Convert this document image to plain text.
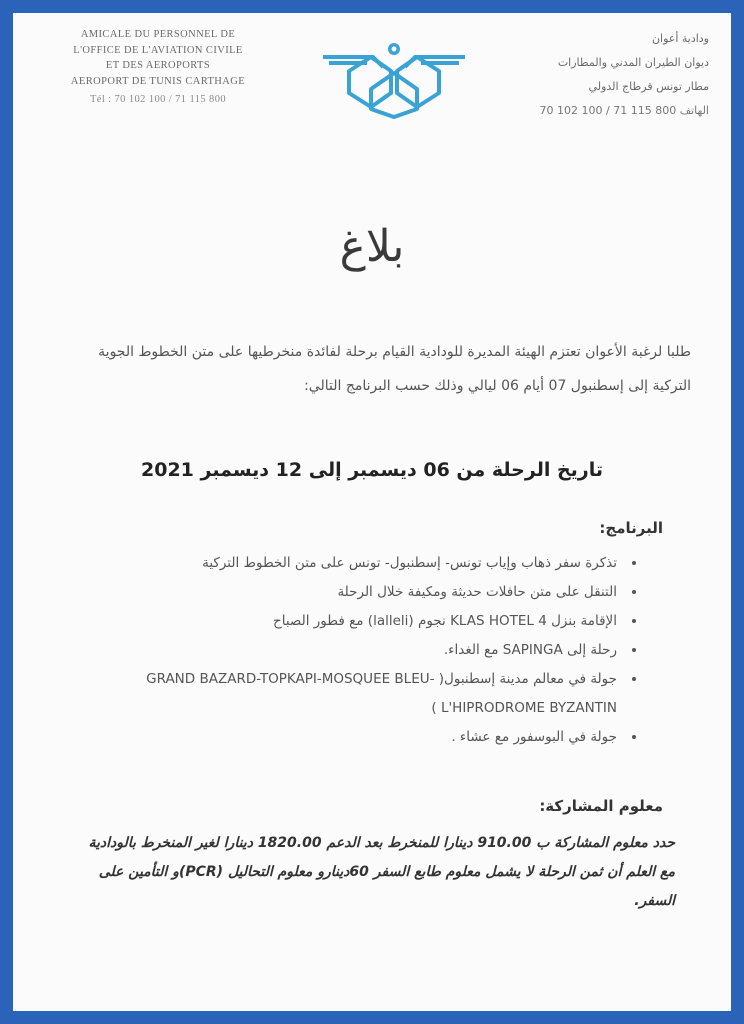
AMICALE DU PERSONNEL DE
L'OFFICE DE L'AVIATION CIVILE
ET DES AEROPORTS
AEROPORT DE TUNIS CARTHAGE
Tél : 70 102 100 / 71 115 800
ودادية أعوان
ديوان الطيران المدني والمطارات
مطار تونس قرطاج الدولي
الهاتف 800 115 71 / 100 102 70
بلاغ
طلبا لرغبة الأعوان تعتزم الهيئة المديرة للودادية القيام برحلة لفائدة منخرطيها على متن الخطوط الجوية التركية إلى إسطنبول 07 أيام 06 ليالي وذلك حسب البرنامج التالي:
تاريخ الرحلة من 06 ديسمبر إلى 12 ديسمبر 2021
البرنامج:
• تذكرة سفر ذهاب وإياب تونس- إسطنبول- تونس على متن الخطوط التركية
• التنقل على متن حافلات حديثة ومكيفة خلال الرحلة
• الإقامة بنزل KLAS HOTEL 4 نجوم (lalleli) مع فطور الصباح
• رحلة إلى SAPINGA مع الغداء.
• جولة في معالم مدينة إسطنبول( GRAND BAZARD-TOPKAPI-MOSQUEE BLEU-L'HIPRODROME BYZANTIN )
• جولة في البوسفور مع عشاء .
معلوم المشاركة:
حدد معلوم المشاركة ب 910.00 دينارا للمنخرط بعد الدعم 1820.00 دينارا لغير المنخرط بالودادية مع العلم أن ثمن الرحلة لا يشمل معلوم طابع السفر 60دينارو معلوم التحاليل (PCR)و التأمين على السفر.
